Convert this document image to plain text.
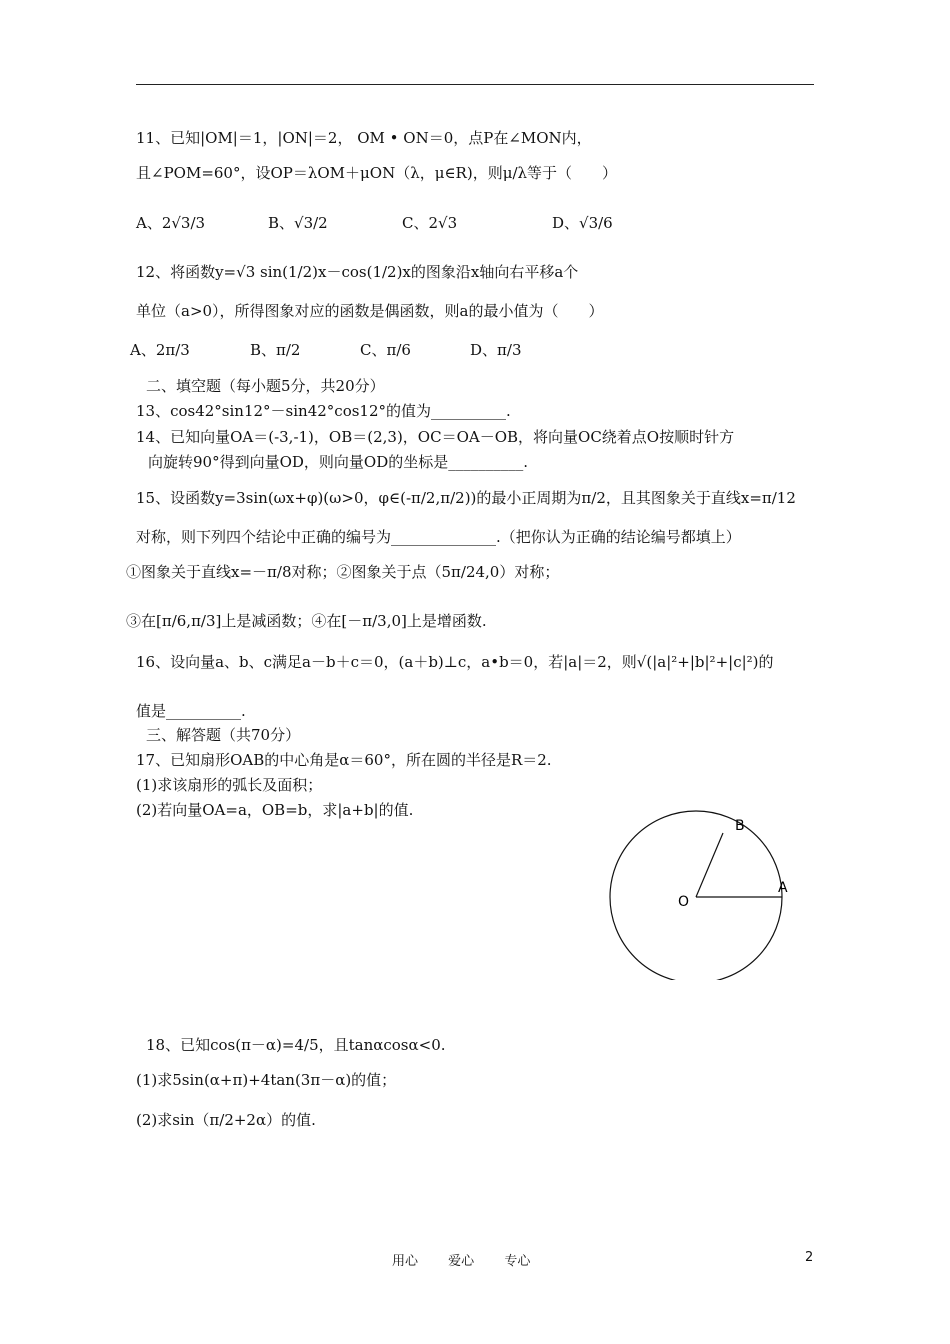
11、已知|OM|＝1，|ON|＝2， OM • ON＝0，点P在∠MON内，
且∠POM=60°，设OP＝λOM＋μON（λ，μ∈R)，则μ/λ等于（　　）
12、将函数y=√3 sin(1/2)x－cos(1/2)x的图象沿x轴向右平移a个
单位（a>0），所得图象对应的函数是偶函数，则a的最小值为（　　）
二、填空题（每小题5分，共20分）
13、cos42°sin12°－sin42°cos12°的值为__________.
14、已知向量OA＝(-3,-1)，OB＝(2,3)，OC＝OA－OB，将向量OC绕着点O按顺时针方
向旋转90°得到向量OD，则向量OD的坐标是__________.
15、设函数y=3sin(ωx+φ)(ω>0，φ∈(-π/2,π/2))的最小正周期为π/2，且其图象关于直线x=π/12
对称，则下列四个结论中正确的编号为______________.（把你认为正确的结论编号都填上）
①图象关于直线x=－π/8对称；②图象关于点（5π/24,0）对称；
③在[π/6,π/3]上是减函数；④在[－π/3,0]上是增函数.
16、设向量a、b、c满足a－b＋c＝0，(a＋b)⊥c，a•b＝0，若|a|＝2，则√(|a|²+|b|²+|c|²)的
值是__________.
三、解答题（共70分）
17、已知扇形OAB的中心角是α＝60°，所在圆的半径是R＝2.
(1)求该扇形的弧长及面积；
(2)若向量OA=a，OB=b，求|a+b|的值.
18、已知cos(π－α)=4/5，且tanαcosα<0.
(1)求5sin(α+π)+4tan(3π－α)的值；
(2)求sin（π/2+2α）的值.
A、2√3/3	B、√3/2	C、2√3	D、√3/6
A、2π/3	B、π/2	C、π/6	D、π/3
O
A
B
用心 爱心 专心	2
